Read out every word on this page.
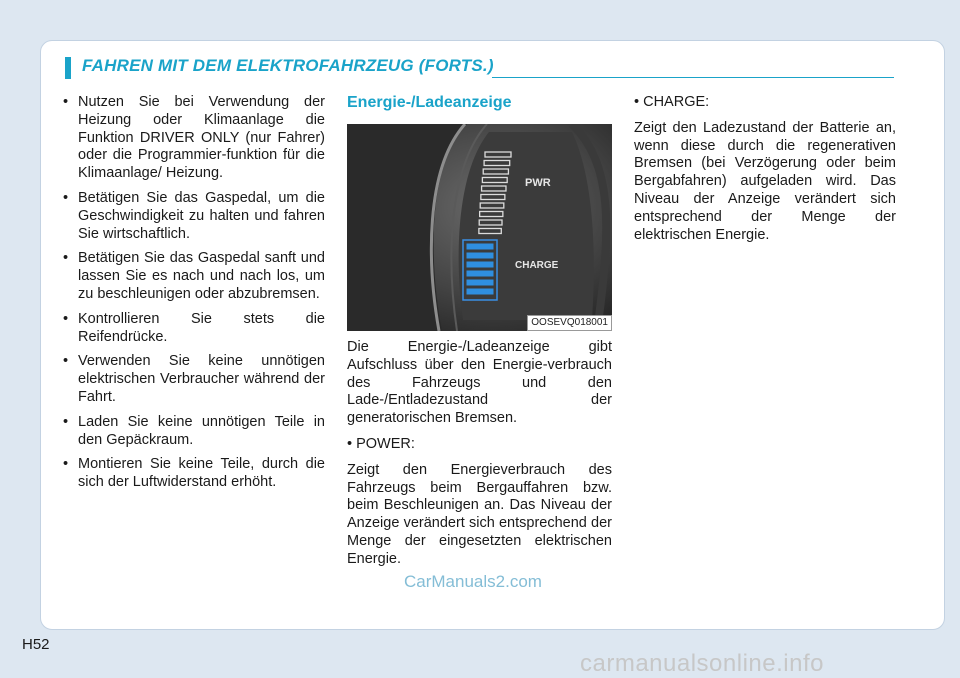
FAHREN MIT DEM ELEKTROFAHRZEUG (FORTS.)

• Nutzen Sie bei Verwendung der Heizung oder Klimaanlage die Funktion DRIVER ONLY (nur Fahrer) oder die Programmier-funktion für die Klimaanlage/ Heizung.

• Betätigen Sie das Gaspedal, um die Geschwindigkeit zu halten und fahren Sie wirtschaftlich.

• Betätigen Sie das Gaspedal sanft und lassen Sie es nach und nach los, um zu beschleunigen oder abzubremsen.

• Kontrollieren Sie stets die Reifendrücke.

• Verwenden Sie keine unnötigen elektrischen Verbraucher während der Fahrt.

• Laden Sie keine unnötigen Teile in den Gepäckraum.

• Montieren Sie keine Teile, durch die sich der Luftwiderstand erhöht.

Energie-/Ladeanzeige
PWR
CHARGE
OOSEVQ018001

Die Energie-/Ladeanzeige gibt Aufschluss über den Energie-verbrauch des Fahrzeugs und den Lade-/Entladezustand der generatorischen Bremsen.

• POWER:

Zeigt den Energieverbrauch des Fahrzeugs beim Bergauffahren bzw. beim Beschleunigen an. Das Niveau der Anzeige verändert sich entsprechend der Menge der eingesetzten elektrischen Energie.

• CHARGE:

Zeigt den Ladezustand der Batterie an, wenn diese durch die regenerativen Bremsen (bei Verzögerung oder beim Bergabfahren) aufgeladen wird. Das Niveau der Anzeige verändert sich entsprechend der Menge der elektrischen Energie.

CarManuals2.com
H52
carmanualsonline.info
